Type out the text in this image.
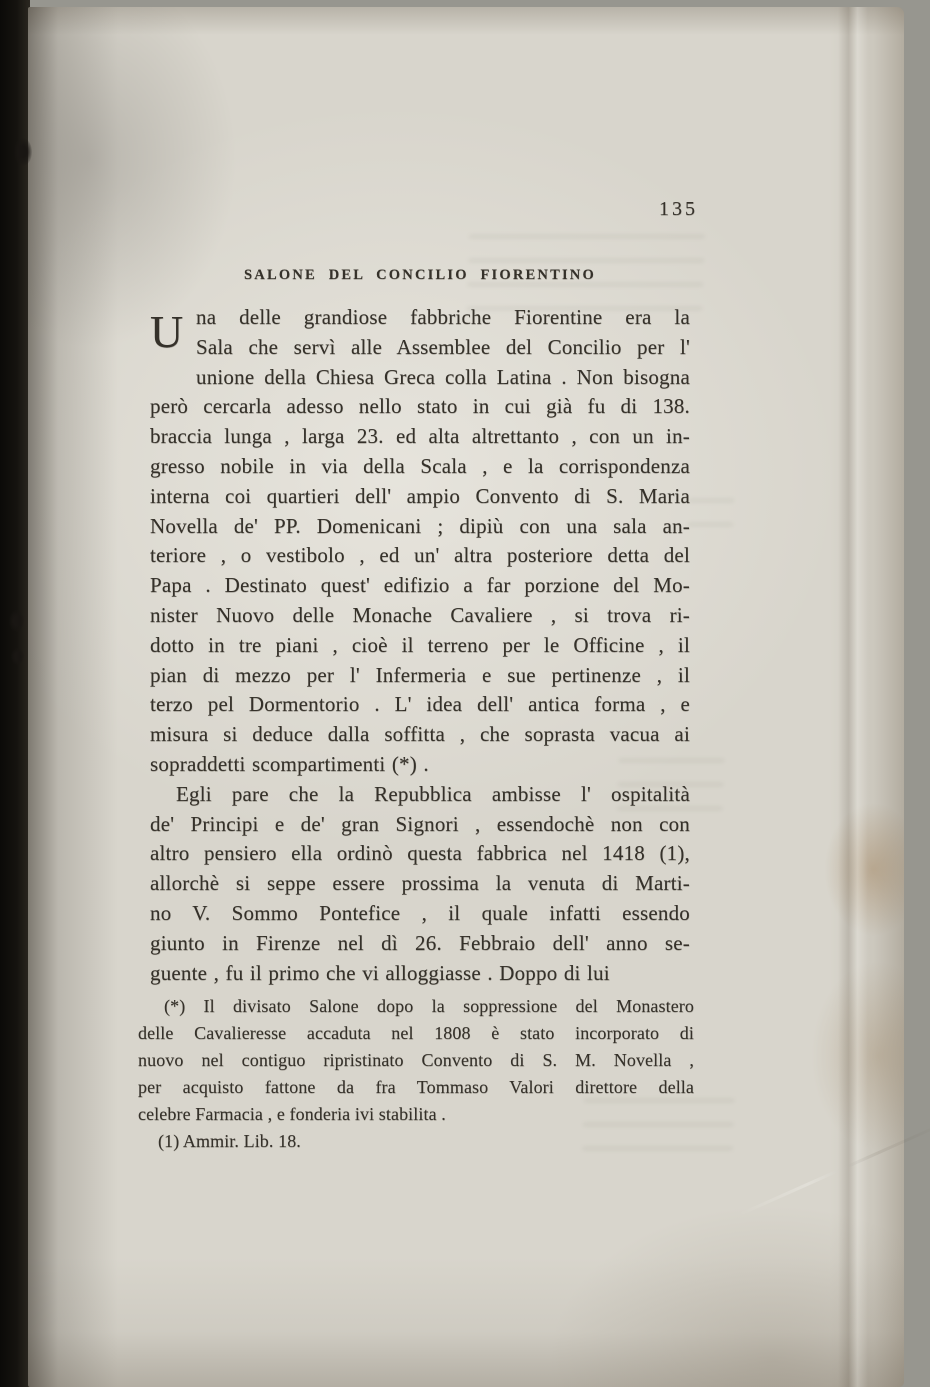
135
SALONE DEL CONCILIO FIORENTINO
U na delle grandiose fabbriche Fiorentine era la
Sala che servì alle Assemblee del Concilio per l'
unione della Chiesa Greca colla Latina . Non bisogna
però cercarla adesso nello stato in cui già fu di 138.
braccia lunga , larga 23. ed alta altrettanto , con un in-
gresso nobile in via della Scala , e la corrispondenza
interna coi quartieri dell' ampio Convento di S. Maria
Novella de' PP. Domenicani ; dipiù con una sala an-
teriore , o vestibolo , ed un' altra posteriore detta del
Papa . Destinato quest' edifizio a far porzione del Mo-
nister Nuovo delle Monache Cavaliere , si trova ri-
dotto in tre piani , cioè il terreno per le Officine , il
pian di mezzo per l' Infermeria e sue pertinenze , il
terzo pel Dormentorio . L' idea dell' antica forma , e
misura si deduce dalla soffitta , che soprasta vacua ai
sopraddetti scompartimenti (*) .
Egli pare che la Repubblica ambisse l' ospitalità
de' Principi e de' gran Signori , essendochè non con
altro pensiero ella ordinò questa fabbrica nel 1418 (1),
allorchè si seppe essere prossima la venuta di Marti-
no V. Sommo Pontefice , il quale infatti essendo
giunto in Firenze nel dì 26. Febbraio dell' anno se-
guente , fu il primo che vi alloggiasse . Doppo di lui
(*) Il divisato Salone dopo la soppressione del Monastero
delle Cavalieresse accaduta nel 1808 è stato incorporato di
nuovo nel contiguo ripristinato Convento di S. M. Novella ,
per acquisto fattone da fra Tommaso Valori direttore della
celebre Farmacia , e fonderia ivi stabilita .
(1) Ammir. Lib. 18.
